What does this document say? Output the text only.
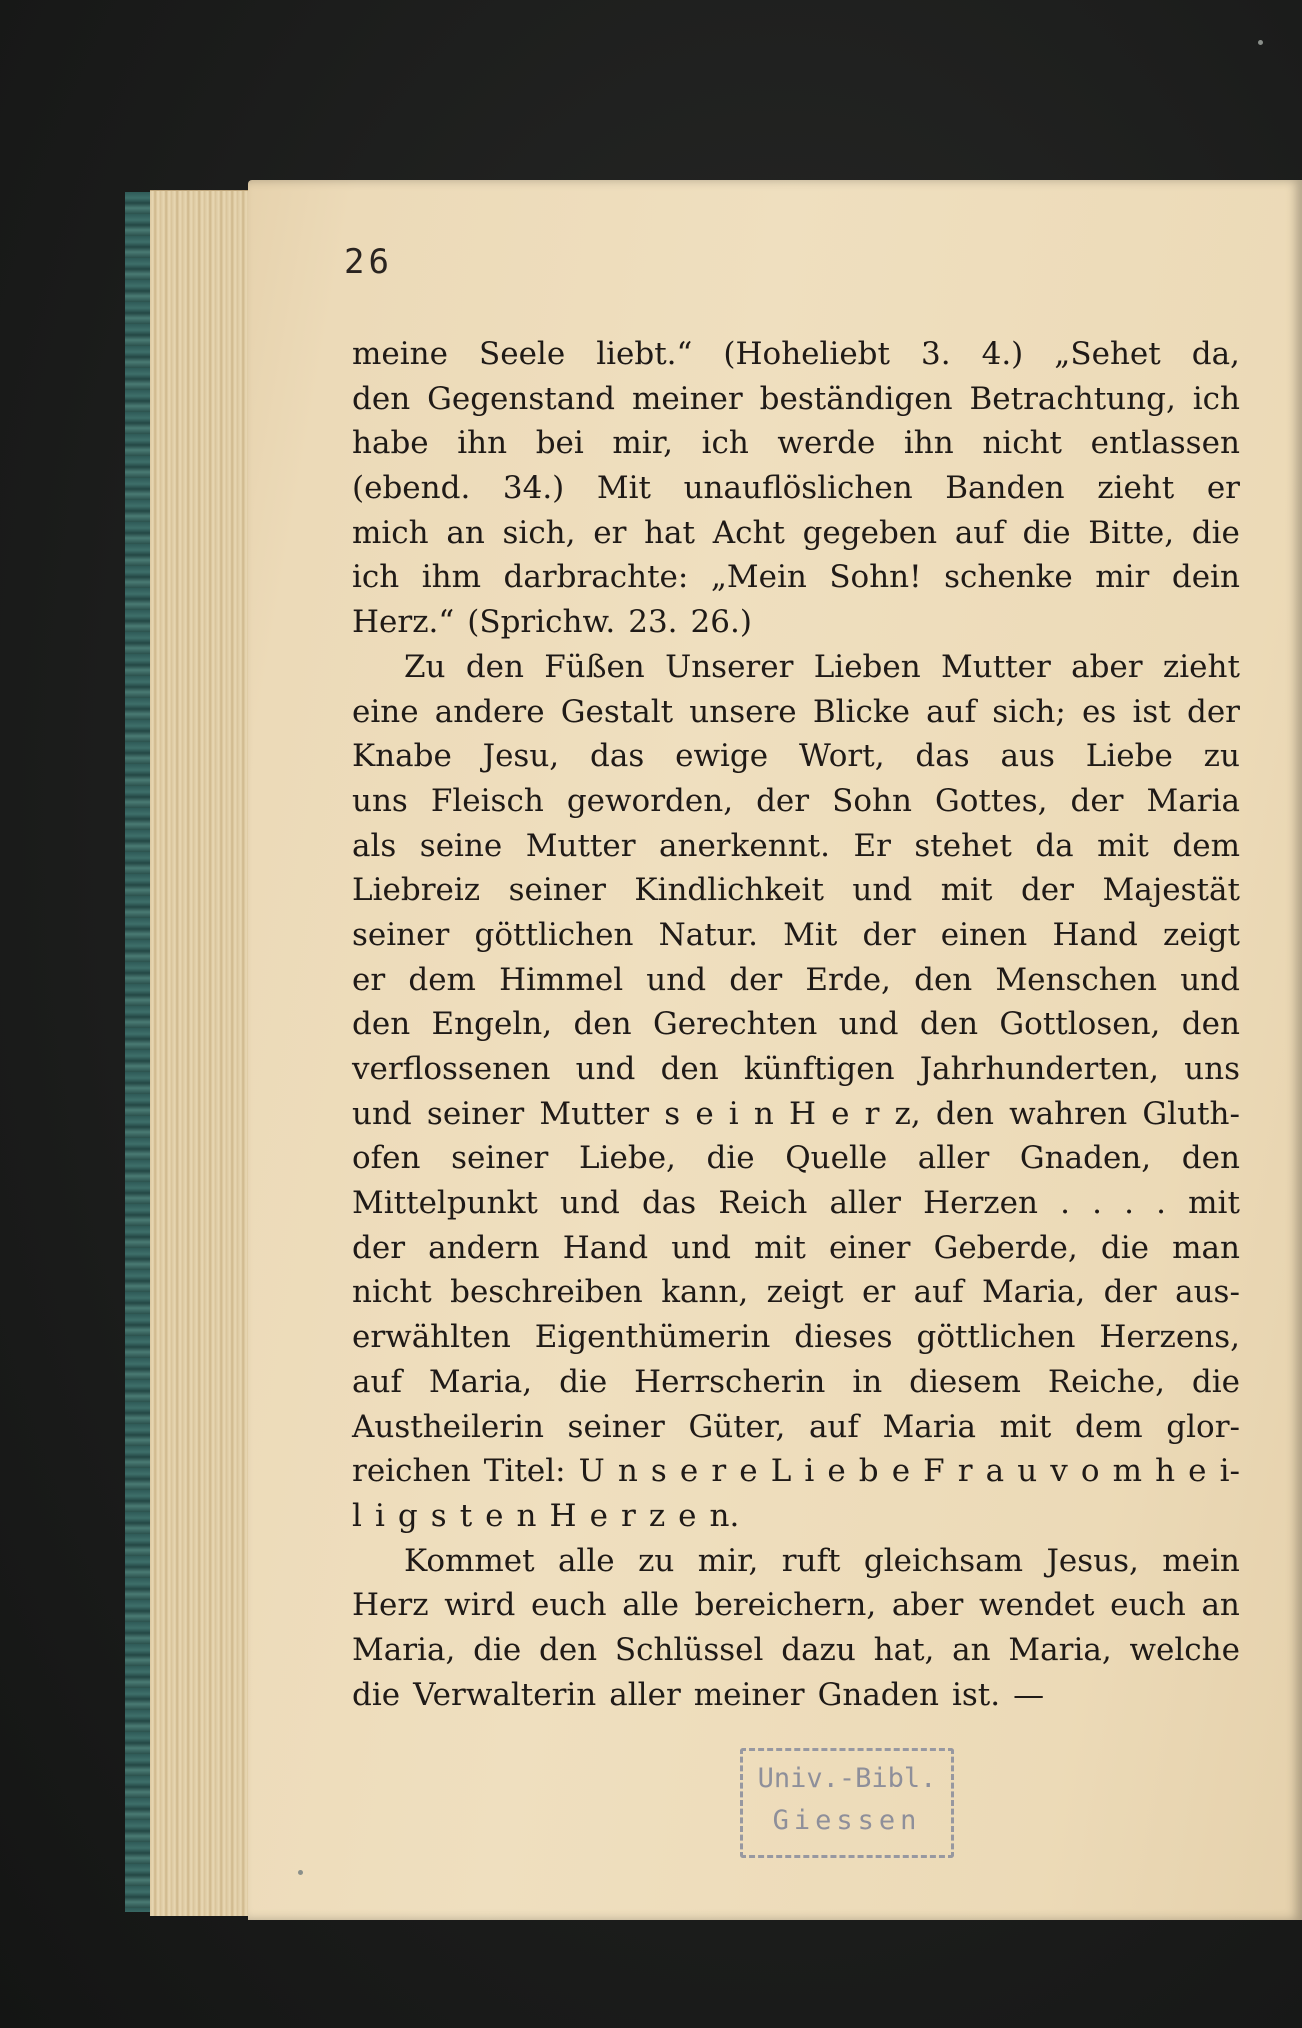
26
meine Seele liebt.“ (Hoheliebt 3. 4.) „Sehet da,
den Gegenstand meiner beständigen Betrachtung, ich
habe ihn bei mir, ich werde ihn nicht entlassen
(ebend. 34.) Mit unauflöslichen Banden zieht er
mich an sich, er hat Acht gegeben auf die Bitte, die
ich ihm darbrachte: „Mein Sohn! schenke mir dein
Herz.“ (Sprichw. 23. 26.)
Zu den Füßen Unserer Lieben Mutter aber zieht
eine andere Gestalt unsere Blicke auf sich; es ist der
Knabe Jesu, das ewige Wort, das aus Liebe zu
uns Fleisch geworden, der Sohn Gottes, der Maria
als seine Mutter anerkennt. Er stehet da mit dem
Liebreiz seiner Kindlichkeit und mit der Majestät
seiner göttlichen Natur. Mit der einen Hand zeigt
er dem Himmel und der Erde, den Menschen und
den Engeln, den Gerechten und den Gottlosen, den
verflossenen und den künftigen Jahrhunderten, uns
und seiner Mutter s e i n H e r z, den wahren Gluth-
ofen seiner Liebe, die Quelle aller Gnaden, den
Mittelpunkt und das Reich aller Herzen . . . . mit
der andern Hand und mit einer Geberde, die man
nicht beschreiben kann, zeigt er auf Maria, der aus-
erwählten Eigenthümerin dieses göttlichen Herzens,
auf Maria, die Herrscherin in diesem Reiche, die
Austheilerin seiner Güter, auf Maria mit dem glor-
reichen Titel: U n s e r e L i e b e F r a u v o m h e i-
l i g s t e n H e r z e n.
Kommet alle zu mir, ruft gleichsam Jesus, mein
Herz wird euch alle bereichern, aber wendet euch an
Maria, die den Schlüssel dazu hat, an Maria, welche
die Verwalterin aller meiner Gnaden ist. —
Univ.-Bibl.
Giessen
